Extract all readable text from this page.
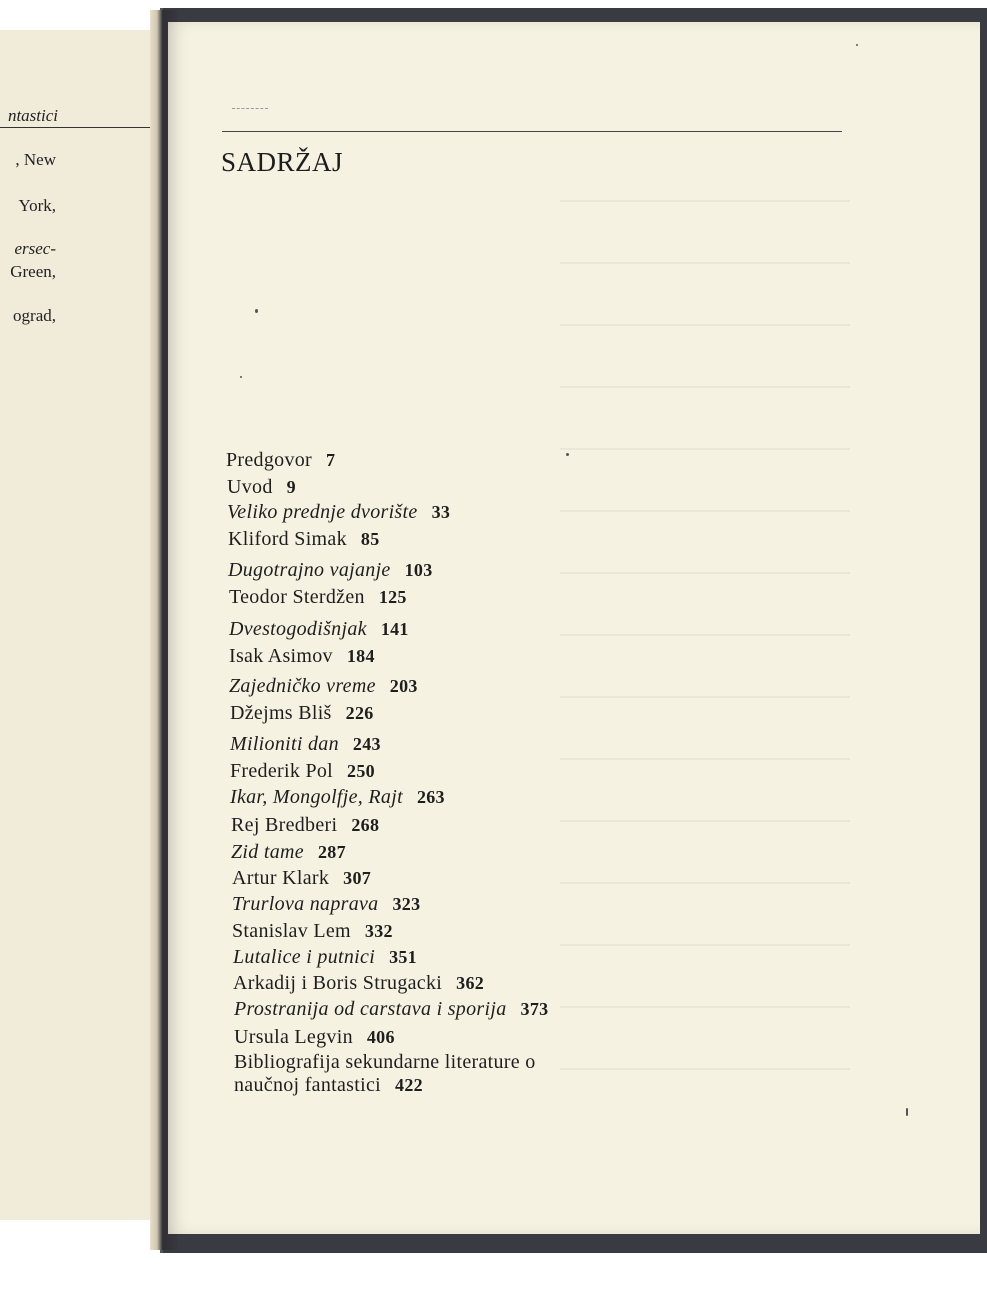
ntastici
, New
York,
ersec-
Green,
ograd,
SADRŽAJ
Predgovor 7
Uvod 9
Veliko prednje dvorište 33
Kliford Simak 85
Dugotrajno vajanje 103
Teodor Sterdžen 125
Dvestogodišnjak 141
Isak Asimov 184
Zajedničko vreme 203
Džejms Bliš 226
Milioniti dan 243
Frederik Pol 250
Ikar, Mongolfje, Rajt 263
Rej Bredberi 268
Zid tame 287
Artur Klark 307
Trurlova naprava 323
Stanislav Lem 332
Lutalice i putnici 351
Arkadij i Boris Strugacki 362
Prostranija od carstava i sporija 373
Ursula Legvin 406
Bibliografija sekundarne literature o
naučnoj fantastici 422
